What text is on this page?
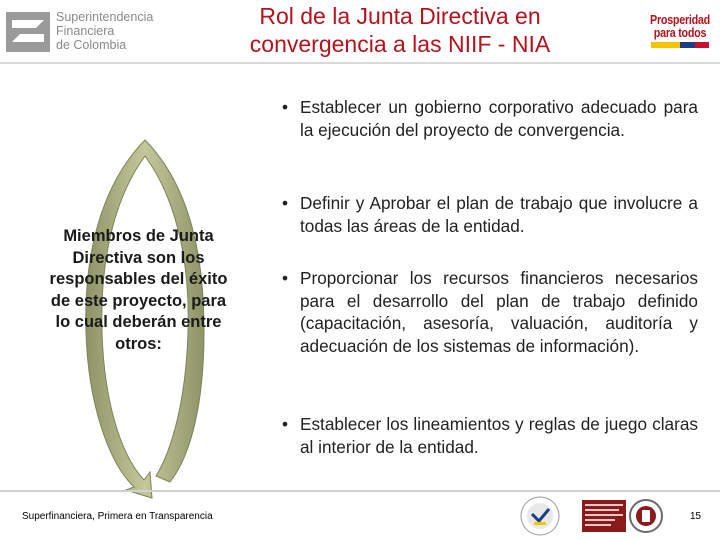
Superintendencia
Financiera
de Colombia
Rol de la Junta Directiva en
convergencia a las NIIF - NIA
Prosperidad
para todos
Miembros de Junta
Directiva son los
responsables del éxito
de este proyecto, para
lo cual deberán entre
otros:
• Establecer un gobierno corporativo adecuado para la ejecución del proyecto de convergencia.
• Definir y Aprobar el plan de trabajo que involucre a todas las áreas de la entidad.
• Proporcionar los recursos financieros necesarios para el desarrollo del plan de trabajo definido (capacitación, asesoría, valuación, auditoría y adecuación de los sistemas de información).
• Establecer los lineamientos y reglas de juego claras al interior de la entidad.
Superfinanciera, Primera en Transparencia	15
